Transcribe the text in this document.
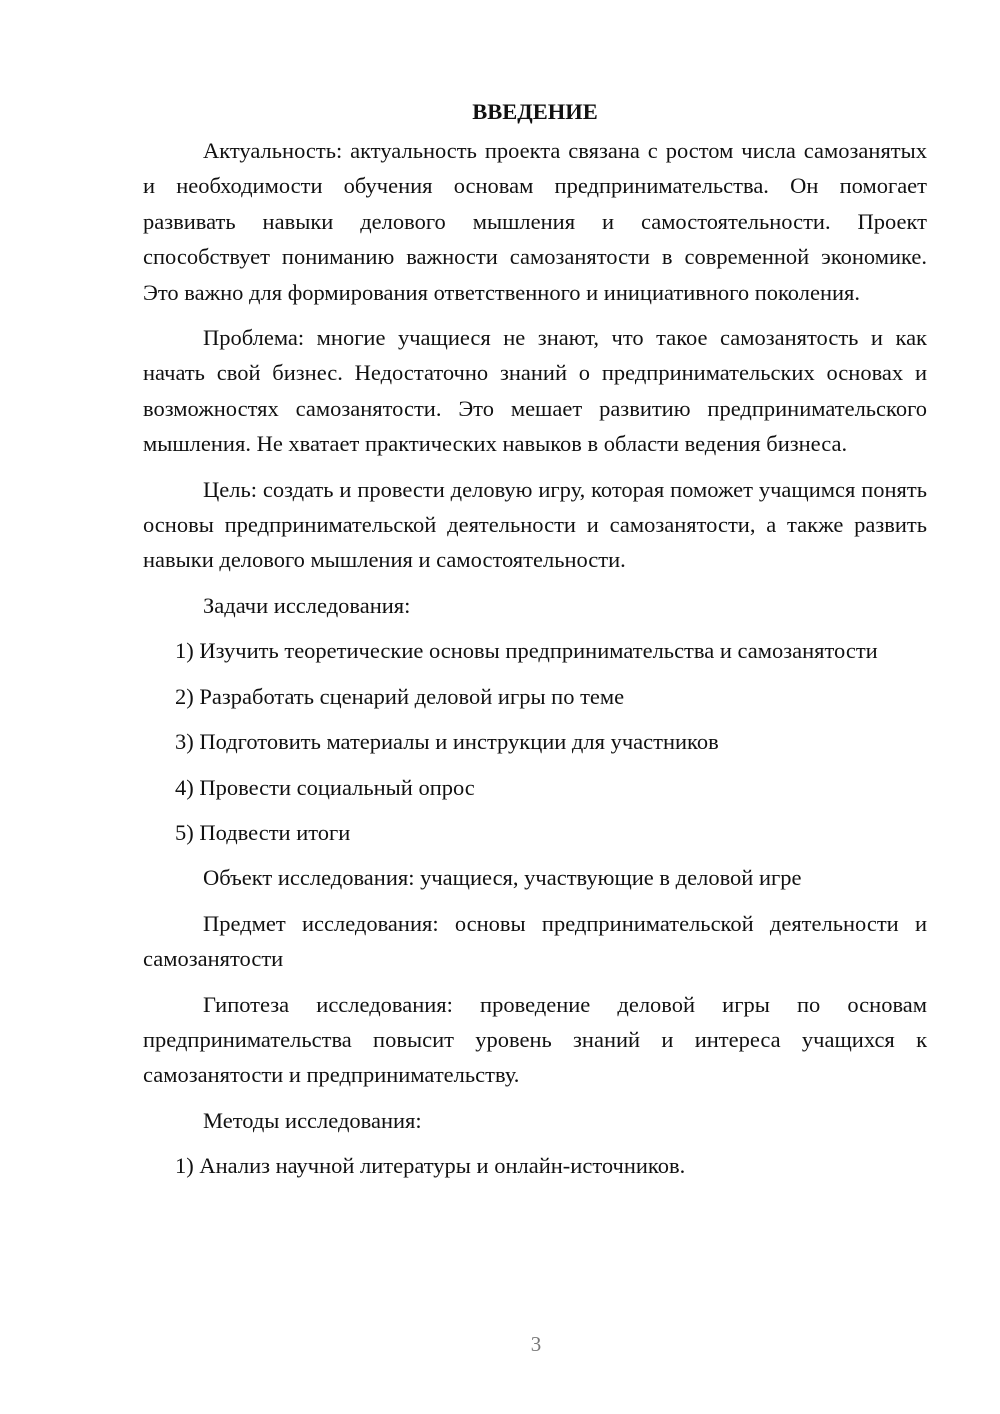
ВВЕДЕНИЕ

Актуальность: актуальность проекта связана с ростом числа самозанятых и необходимости обучения основам предпринимательства. Он помогает развивать навыки делового мышления и самостоятельности. Проект способствует пониманию важности самозанятости в современной экономике. Это важно для формирования ответственного и инициативного поколения.

Проблема: многие учащиеся не знают, что такое самозанятость и как начать свой бизнес. Недостаточно знаний о предпринимательских основах и возможностях самозанятости. Это мешает развитию предпринимательского мышления. Не хватает практических навыков в области ведения бизнеса.

Цель: создать и провести деловую игру, которая поможет учащимся понять основы предпринимательской деятельности и самозанятости, а также развить навыки делового мышления и самостоятельности.

Задачи исследования:

1) Изучить теоретические основы предпринимательства и самозанятости

2) Разработать сценарий деловой игры по теме

3) Подготовить материалы и инструкции для участников

4) Провести социальный опрос

5) Подвести итоги

Объект исследования: учащиеся, участвующие в деловой игре

Предмет исследования: основы предпринимательской деятельности и самозанятости

Гипотеза исследования: проведение деловой игры по основам предпринимательства повысит уровень знаний и интереса учащихся к самозанятости и предпринимательству.

Методы исследования:

1) Анализ научной литературы и онлайн-источников.

3
